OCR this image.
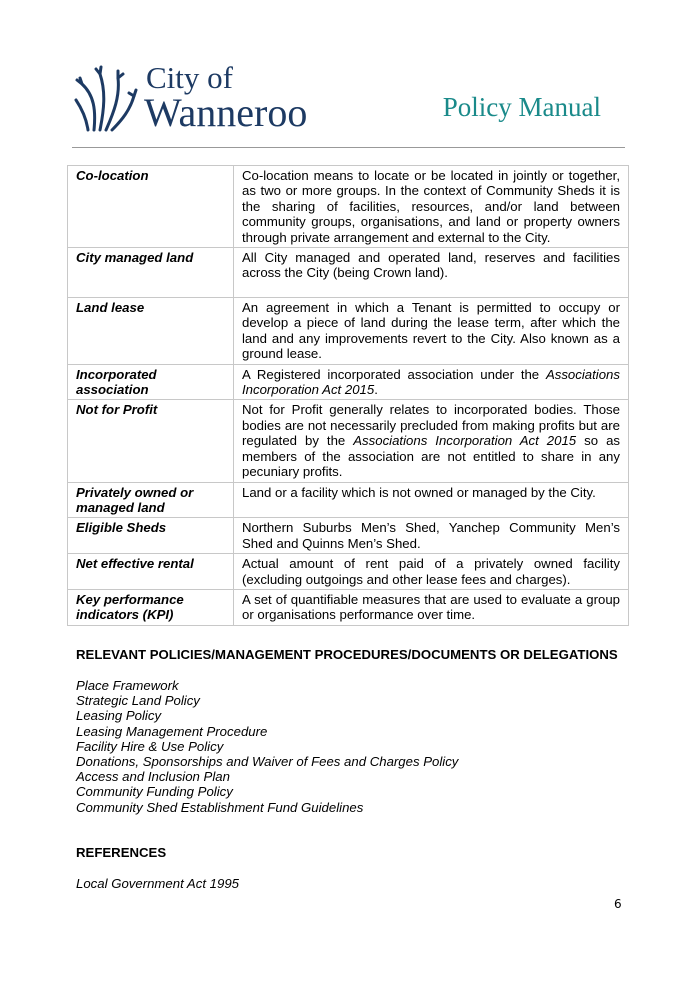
City of
Wanneroo	Policy Manual
Co-location	Co-location means to locate or be located in jointly or together, as two or more groups. In the context of Community Sheds it is the sharing of facilities, resources, and/or land between community groups, organisations, and land or property owners through private arrangement and external to the City.
City managed land	All City managed and operated land, reserves and facilities across the City (being Crown land).
Land lease	An agreement in which a Tenant is permitted to occupy or develop a piece of land during the lease term, after which the land and any improvements revert to the City. Also known as a ground lease.
Incorporated association	A Registered incorporated association under the Associations Incorporation Act 2015.
Not for Profit	Not for Profit generally relates to incorporated bodies. Those bodies are not necessarily precluded from making profits but are regulated by the Associations Incorporation Act 2015 so as members of the association are not entitled to share in any pecuniary profits.
Privately owned or managed land	Land or a facility which is not owned or managed by the City.
Eligible Sheds	Northern Suburbs Men’s Shed, Yanchep Community Men’s Shed and Quinns Men’s Shed.
Net effective rental	Actual amount of rent paid of a privately owned facility (excluding outgoings and other lease fees and charges).
Key performance indicators (KPI)	A set of quantifiable measures that are used to evaluate a group or organisations performance over time.
RELEVANT POLICIES/MANAGEMENT PROCEDURES/DOCUMENTS OR DELEGATIONS
Place Framework
Strategic Land Policy
Leasing Policy
Leasing Management Procedure
Facility Hire & Use Policy
Donations, Sponsorships and Waiver of Fees and Charges Policy
Access and Inclusion Plan
Community Funding Policy
Community Shed Establishment Fund Guidelines
REFERENCES
Local Government Act 1995
6
